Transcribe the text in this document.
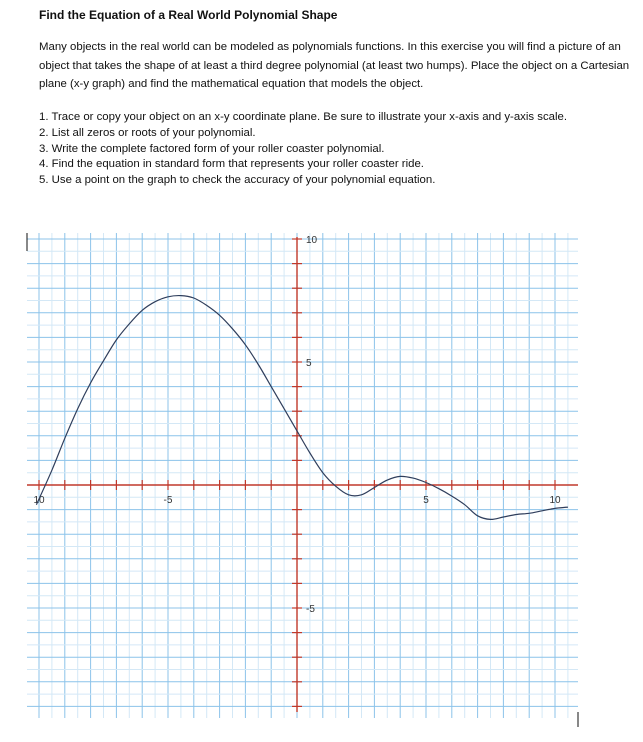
Find the Equation of a Real World Polynomial Shape
Many objects in the real world can be modeled as polynomials functions. In this exercise you will find a picture of an object that takes the shape of at least a third degree polynomial (at least two humps). Place the object on a Cartesian plane (x-y graph) and find the mathematical equation that models the object.
1. Trace or copy your object on an x-y coordinate plane. Be sure to illustrate your x-axis and y-axis scale.
2. List all zeros or roots of your polynomial.
3. Write the complete factored form of your roller coaster polynomial.
4. Find the equation in standard form that represents your roller coaster ride.
5. Use a point on the graph to check the accuracy of your polynomial equation.
10	-5	5	10
10
5
-5
